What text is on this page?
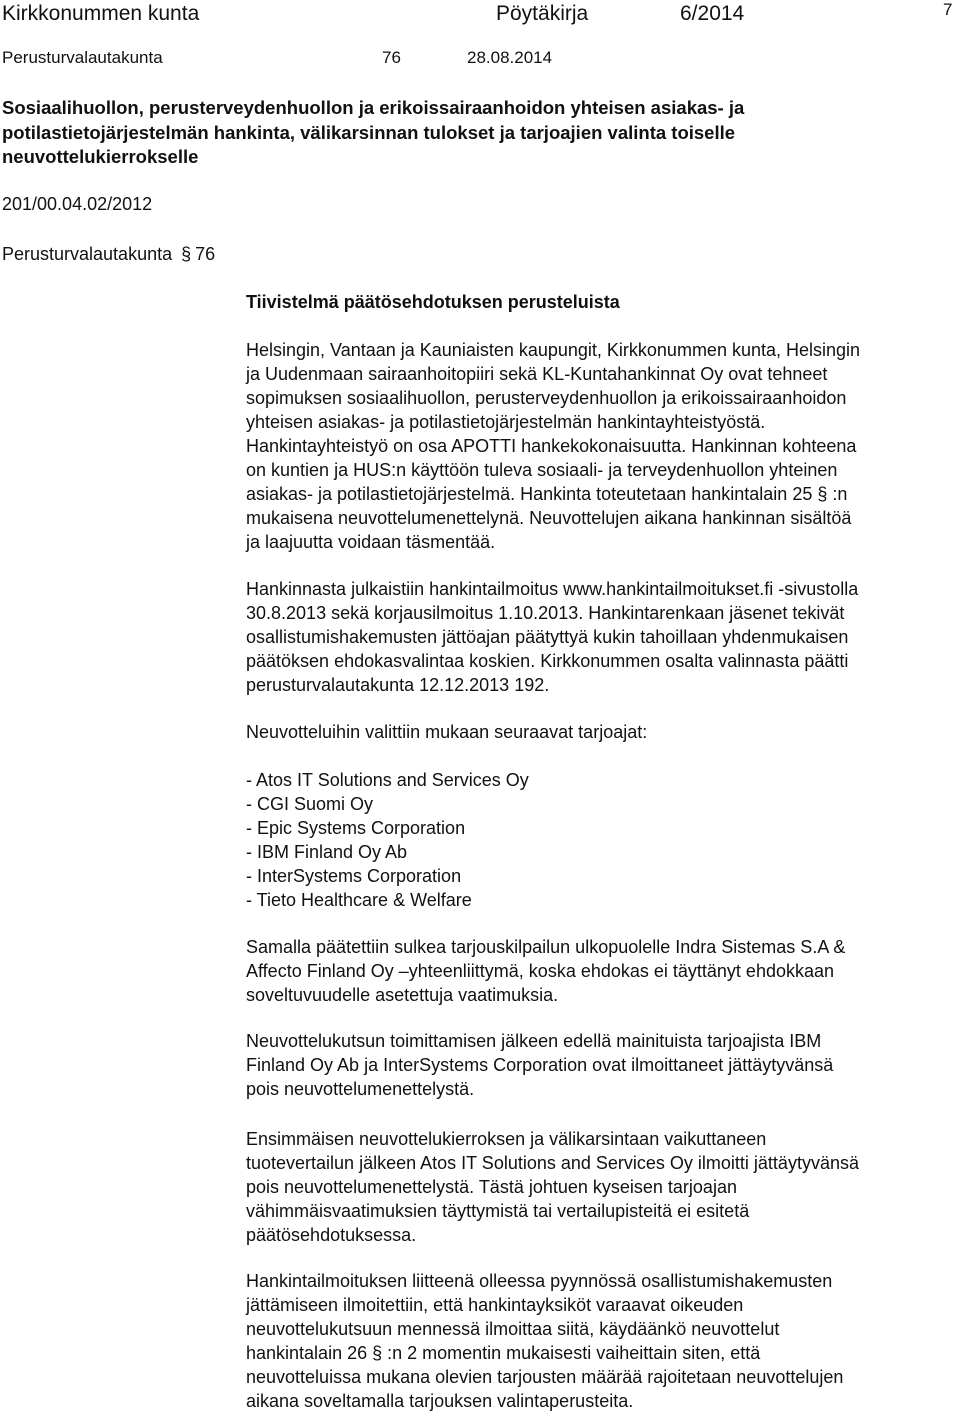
Kirkkonummen kunta	Pöytäkirja	6/2014	7
Perusturvalautakunta	76	28.08.2014
Sosiaalihuollon, perusterveydenhuollon ja erikoissairaanhoidon yhteisen asiakas- ja
potilastietojärjestelmän hankinta, välikarsinnan tulokset ja tarjoajien valinta toiselle
neuvottelukierrokselle
201/00.04.02/2012
Perusturvalautakunta § 76
Tiivistelmä päätösehdotuksen perusteluista
Helsingin, Vantaan ja Kauniaisten kaupungit, Kirkkonummen kunta, Helsingin
ja Uudenmaan sairaanhoitopiiri sekä KL-Kuntahankinnat Oy ovat tehneet
sopimuksen sosiaalihuollon, perusterveydenhuollon ja erikoissairaanhoidon
yhteisen asiakas- ja potilastietojärjestelmän hankintayhteistyöstä.
Hankintayhteistyö on osa APOTTI hankekokonaisuutta. Hankinnan kohteena
on kuntien ja HUS:n käyttöön tuleva sosiaali- ja terveydenhuollon yhteinen
asiakas- ja potilastietojärjestelmä. Hankinta toteutetaan hankintalain 25 § :n
mukaisena neuvottelumenettelynä. Neuvottelujen aikana hankinnan sisältöä
ja laajuutta voidaan täsmentää.
Hankinnasta julkaistiin hankintailmoitus www.hankintailmoitukset.fi -sivustolla
30.8.2013 sekä korjausilmoitus 1.10.2013. Hankintarenkaan jäsenet tekivät
osallistumishakemusten jättöajan päätyttyä kukin tahoillaan yhdenmukaisen
päätöksen ehdokasvalintaa koskien. Kirkkonummen osalta valinnasta päätti
perusturvalautakunta 12.12.2013 192.
Neuvotteluihin valittiin mukaan seuraavat tarjoajat:
- Atos IT Solutions and Services Oy
- CGI Suomi Oy
- Epic Systems Corporation
- IBM Finland Oy Ab
- InterSystems Corporation
- Tieto Healthcare & Welfare
Samalla päätettiin sulkea tarjouskilpailun ulkopuolelle Indra Sistemas S.A &
Affecto Finland Oy –yhteenliittymä, koska ehdokas ei täyttänyt ehdokkaan
soveltuvuudelle asetettuja vaatimuksia.
Neuvottelukutsun toimittamisen jälkeen edellä mainituista tarjoajista IBM
Finland Oy Ab ja InterSystems Corporation ovat ilmoittaneet jättäytyvänsä
pois neuvottelumenettelystä.
Ensimmäisen neuvottelukierroksen ja välikarsintaan vaikuttaneen
tuotevertailun jälkeen Atos IT Solutions and Services Oy ilmoitti jättäytyvänsä
pois neuvottelumenettelystä. Tästä johtuen kyseisen tarjoajan
vähimmäisvaatimuksien täyttymistä tai vertailupisteitä ei esitetä
päätösehdotuksessa.
Hankintailmoituksen liitteenä olleessa pyynnössä osallistumishakemusten
jättämiseen ilmoitettiin, että hankintayksiköt varaavat oikeuden
neuvottelukutsuun mennessä ilmoittaa siitä, käydäänkö neuvottelut
hankintalain 26 § :n 2 momentin mukaisesti vaiheittain siten, että
neuvotteluissa mukana olevien tarjousten määrää rajoitetaan neuvottelujen
aikana soveltamalla tarjouksen valintaperusteita.
